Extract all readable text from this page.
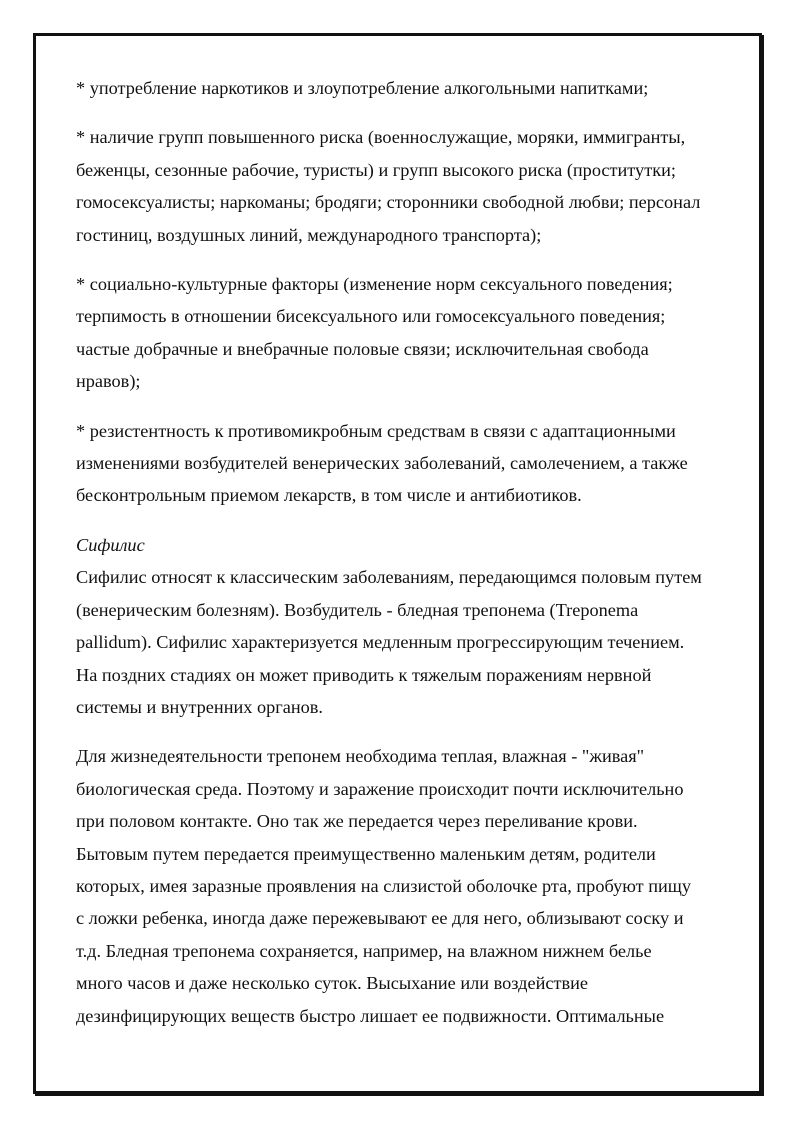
* употребление наркотиков и злоупотребление алкогольными напитками;
* наличие групп повышенного риска (военнослужащие, моряки, иммигранты,
беженцы, сезонные рабочие, туристы) и групп высокого риска (проститутки;
гомосексуалисты; наркоманы; бродяги; сторонники свободной любви; персонал
гостиниц, воздушных линий, международного транспорта);
* социально-культурные факторы (изменение норм сексуального поведения;
терпимость в отношении бисексуального или гомосексуального поведения;
частые добрачные и внебрачные половые связи; исключительная свобода
нравов);
* резистентность к противомикробным средствам в связи с адаптационными
изменениями возбудителей венерических заболеваний, самолечением, а также
бесконтрольным приемом лекарств, в том числе и антибиотиков.
Сифилис
Сифилис относят к классическим заболеваниям, передающимся половым путем
(венерическим болезням). Возбудитель - бледная трепонема (Treponema
pallidum). Сифилис характеризуется медленным прогрессирующим течением.
На поздних стадиях он может приводить к тяжелым поражениям нервной
системы и внутренних органов.
Для жизнедеятельности трепонем необходима теплая, влажная - "живая"
биологическая среда. Поэтому и заражение происходит почти исключительно
при половом контакте. Оно так же передается через переливание крови.
Бытовым путем передается преимущественно маленьким детям, родители
которых, имея заразные проявления на слизистой оболочке рта, пробуют пищу
с ложки ребенка, иногда даже пережевывают ее для него, облизывают соску и
т.д. Бледная трепонема сохраняется, например, на влажном нижнем белье
много часов и даже несколько суток. Высыхание или воздействие
дезинфицирующих веществ быстро лишает ее подвижности. Оптимальные
